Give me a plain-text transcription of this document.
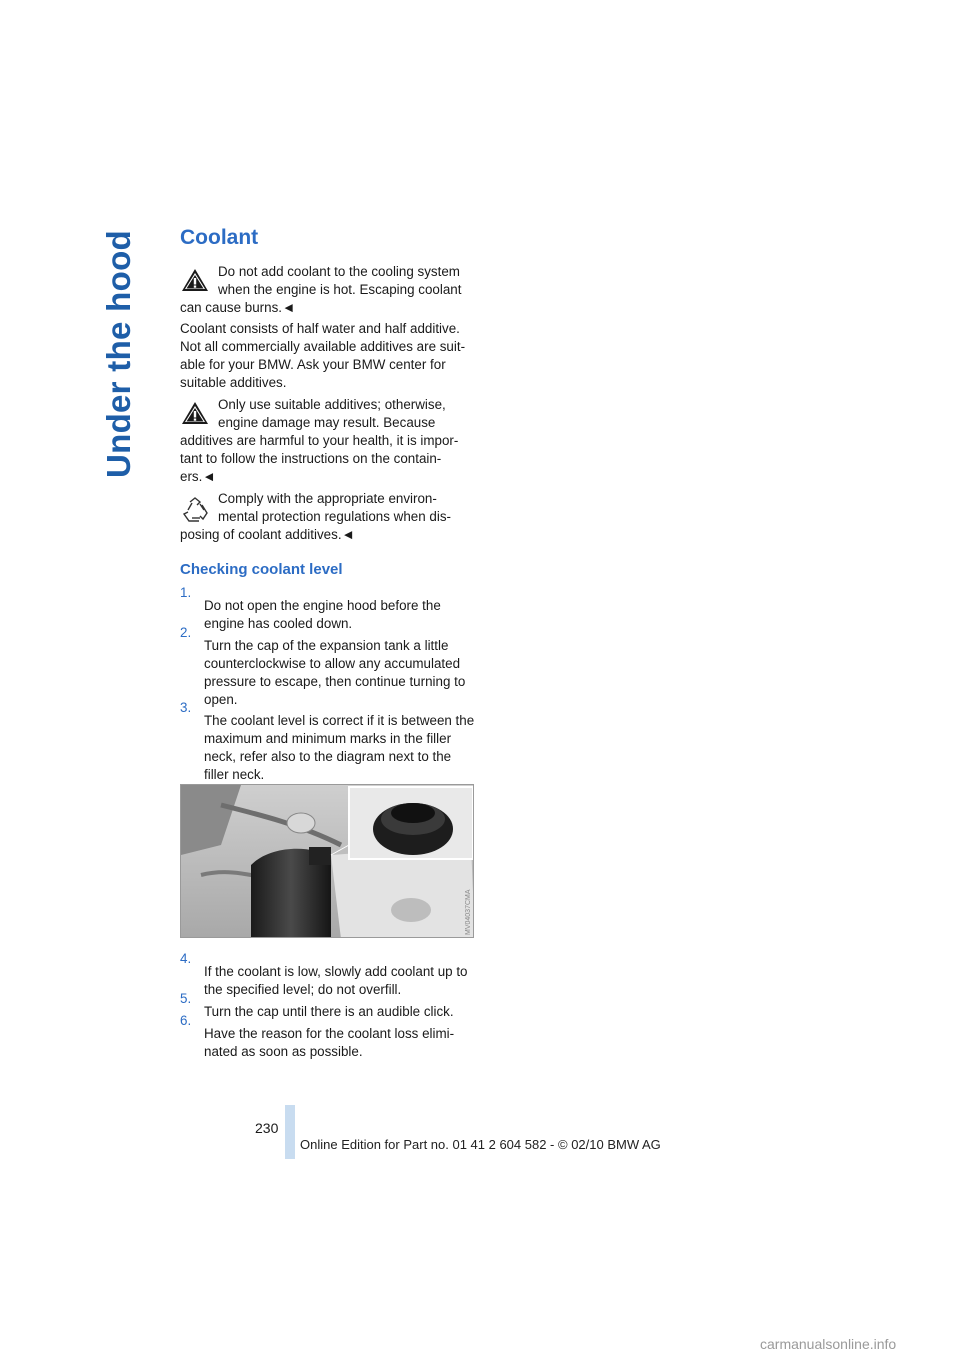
Under the hood Coolant

Do not add coolant to the cooling system

when the engine is hot. Escaping coolant

can cause burns.◄

Coolant consists of half water and half additive. Not all commercially available additives are suit-able for your BMW. Ask your BMW center for suitable additives.

Only use suitable additives; otherwise,

engine damage may result. Because

additives are harmful to your health, it is impor-tant to follow the instructions on the contain-ers.◄

Comply with the appropriate environ-

mental protection regulations when dis-

posing of coolant additives.◄

Checking coolant level
1.

Do not open the engine hood before the engine has cooled down.

2.

Turn the cap of the expansion tank a little counterclockwise to allow any accumulated pressure to escape, then continue turning to open.

3.

The coolant level is correct if it is between the maximum and minimum marks in the filler neck, refer also to the diagram next to the filler neck.

MV04037CMA
4.

If the coolant is low, slowly add coolant up to the specified level; do not overfill.

5.

Turn the cap until there is an audible click.

6.

Have the reason for the coolant loss elimi-nated as soon as possible.

230
Online Edition for Part no. 01 41 2 604 582 - © 02/10 BMW AG
carmanualsonline.info
